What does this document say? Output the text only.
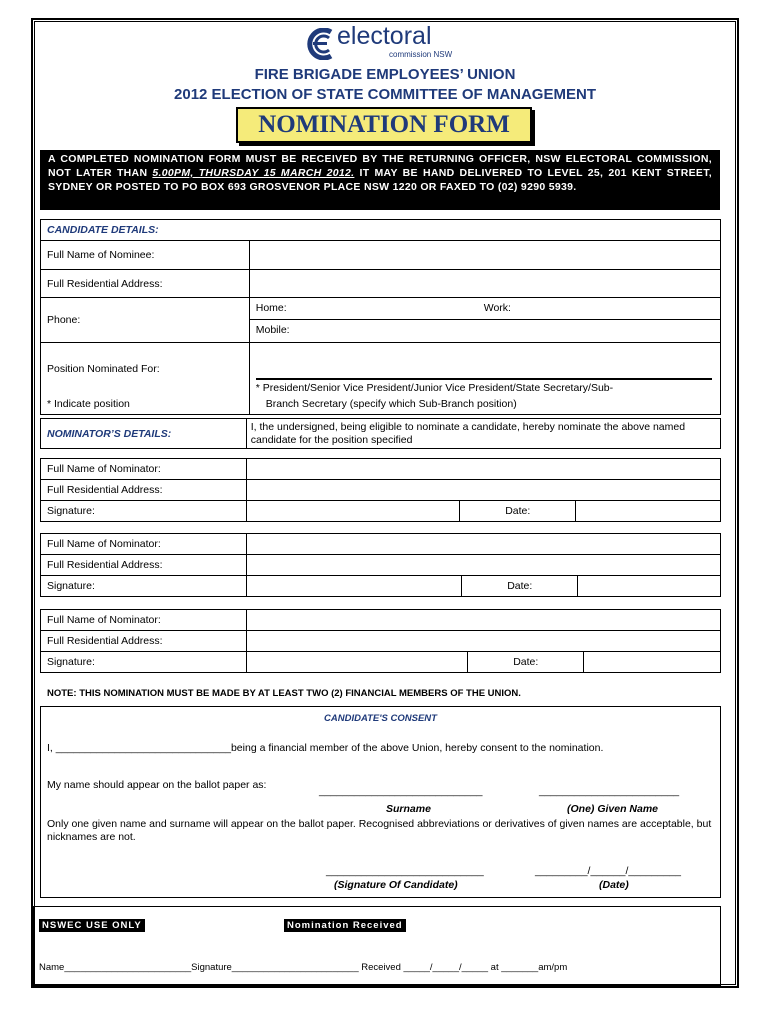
electoral
commission NSW
FIRE BRIGADE EMPLOYEES’ UNION
2012 ELECTION OF STATE COMMITTEE OF MANAGEMENT
NOMINATION FORM
A COMPLETED NOMINATION FORM MUST BE RECEIVED BY THE RETURNING OFFICER, NSW ELECTORAL COMMISSION, NOT LATER THAN 5.00PM, THURSDAY 15 MARCH 2012. IT MAY BE HAND DELIVERED TO LEVEL 25, 201 KENT STREET, SYDNEY OR POSTED TO PO BOX 693 GROSVENOR PLACE NSW 1220 OR FAXED TO (02) 9290 5939.
CANDIDATE DETAILS:	
Full Name of Nominee:	
Full Residential Address:	
Phone:	Home: Work:
Mobile:

Position Nominated For:
* Indicate position	* President/Senior Vice President/Junior Vice President/State Secretary/Sub-
Branch Secretary (specify which Sub-Branch position)
NOMINATOR’S DETAILS:	I, the undersigned, being eligible to nominate a candidate, hereby nominate the above named candidate for the position specified
Full Name of Nominator:			
Full Residential Address:			
Signature:		Date:	
Full Name of Nominator:			
Full Residential Address:			
Signature:		Date:	
Full Name of Nominator:			
Full Residential Address:			
Signature:		Date:	
NOTE: THIS NOMINATION MUST BE MADE BY AT LEAST TWO (2) FINANCIAL MEMBERS OF THE UNION.
CANDIDATE'S CONSENT
I, ______________________________being a financial member of the above Union, hereby consent to the nomination.
My name should appear on the ballot paper as:	____________________________	________________________
Surname	(One) Given Name
Only one given name and surname will appear on the ballot paper. Recognised abbreviations or derivatives of given names are acceptable, but nicknames are not.
___________________________	_________/______/_________
(Signature Of Candidate)	(Date)
NSWEC USE ONLY	Nomination Received
Name________________________Signature________________________ Received _____/_____/_____ at _______am/pm
